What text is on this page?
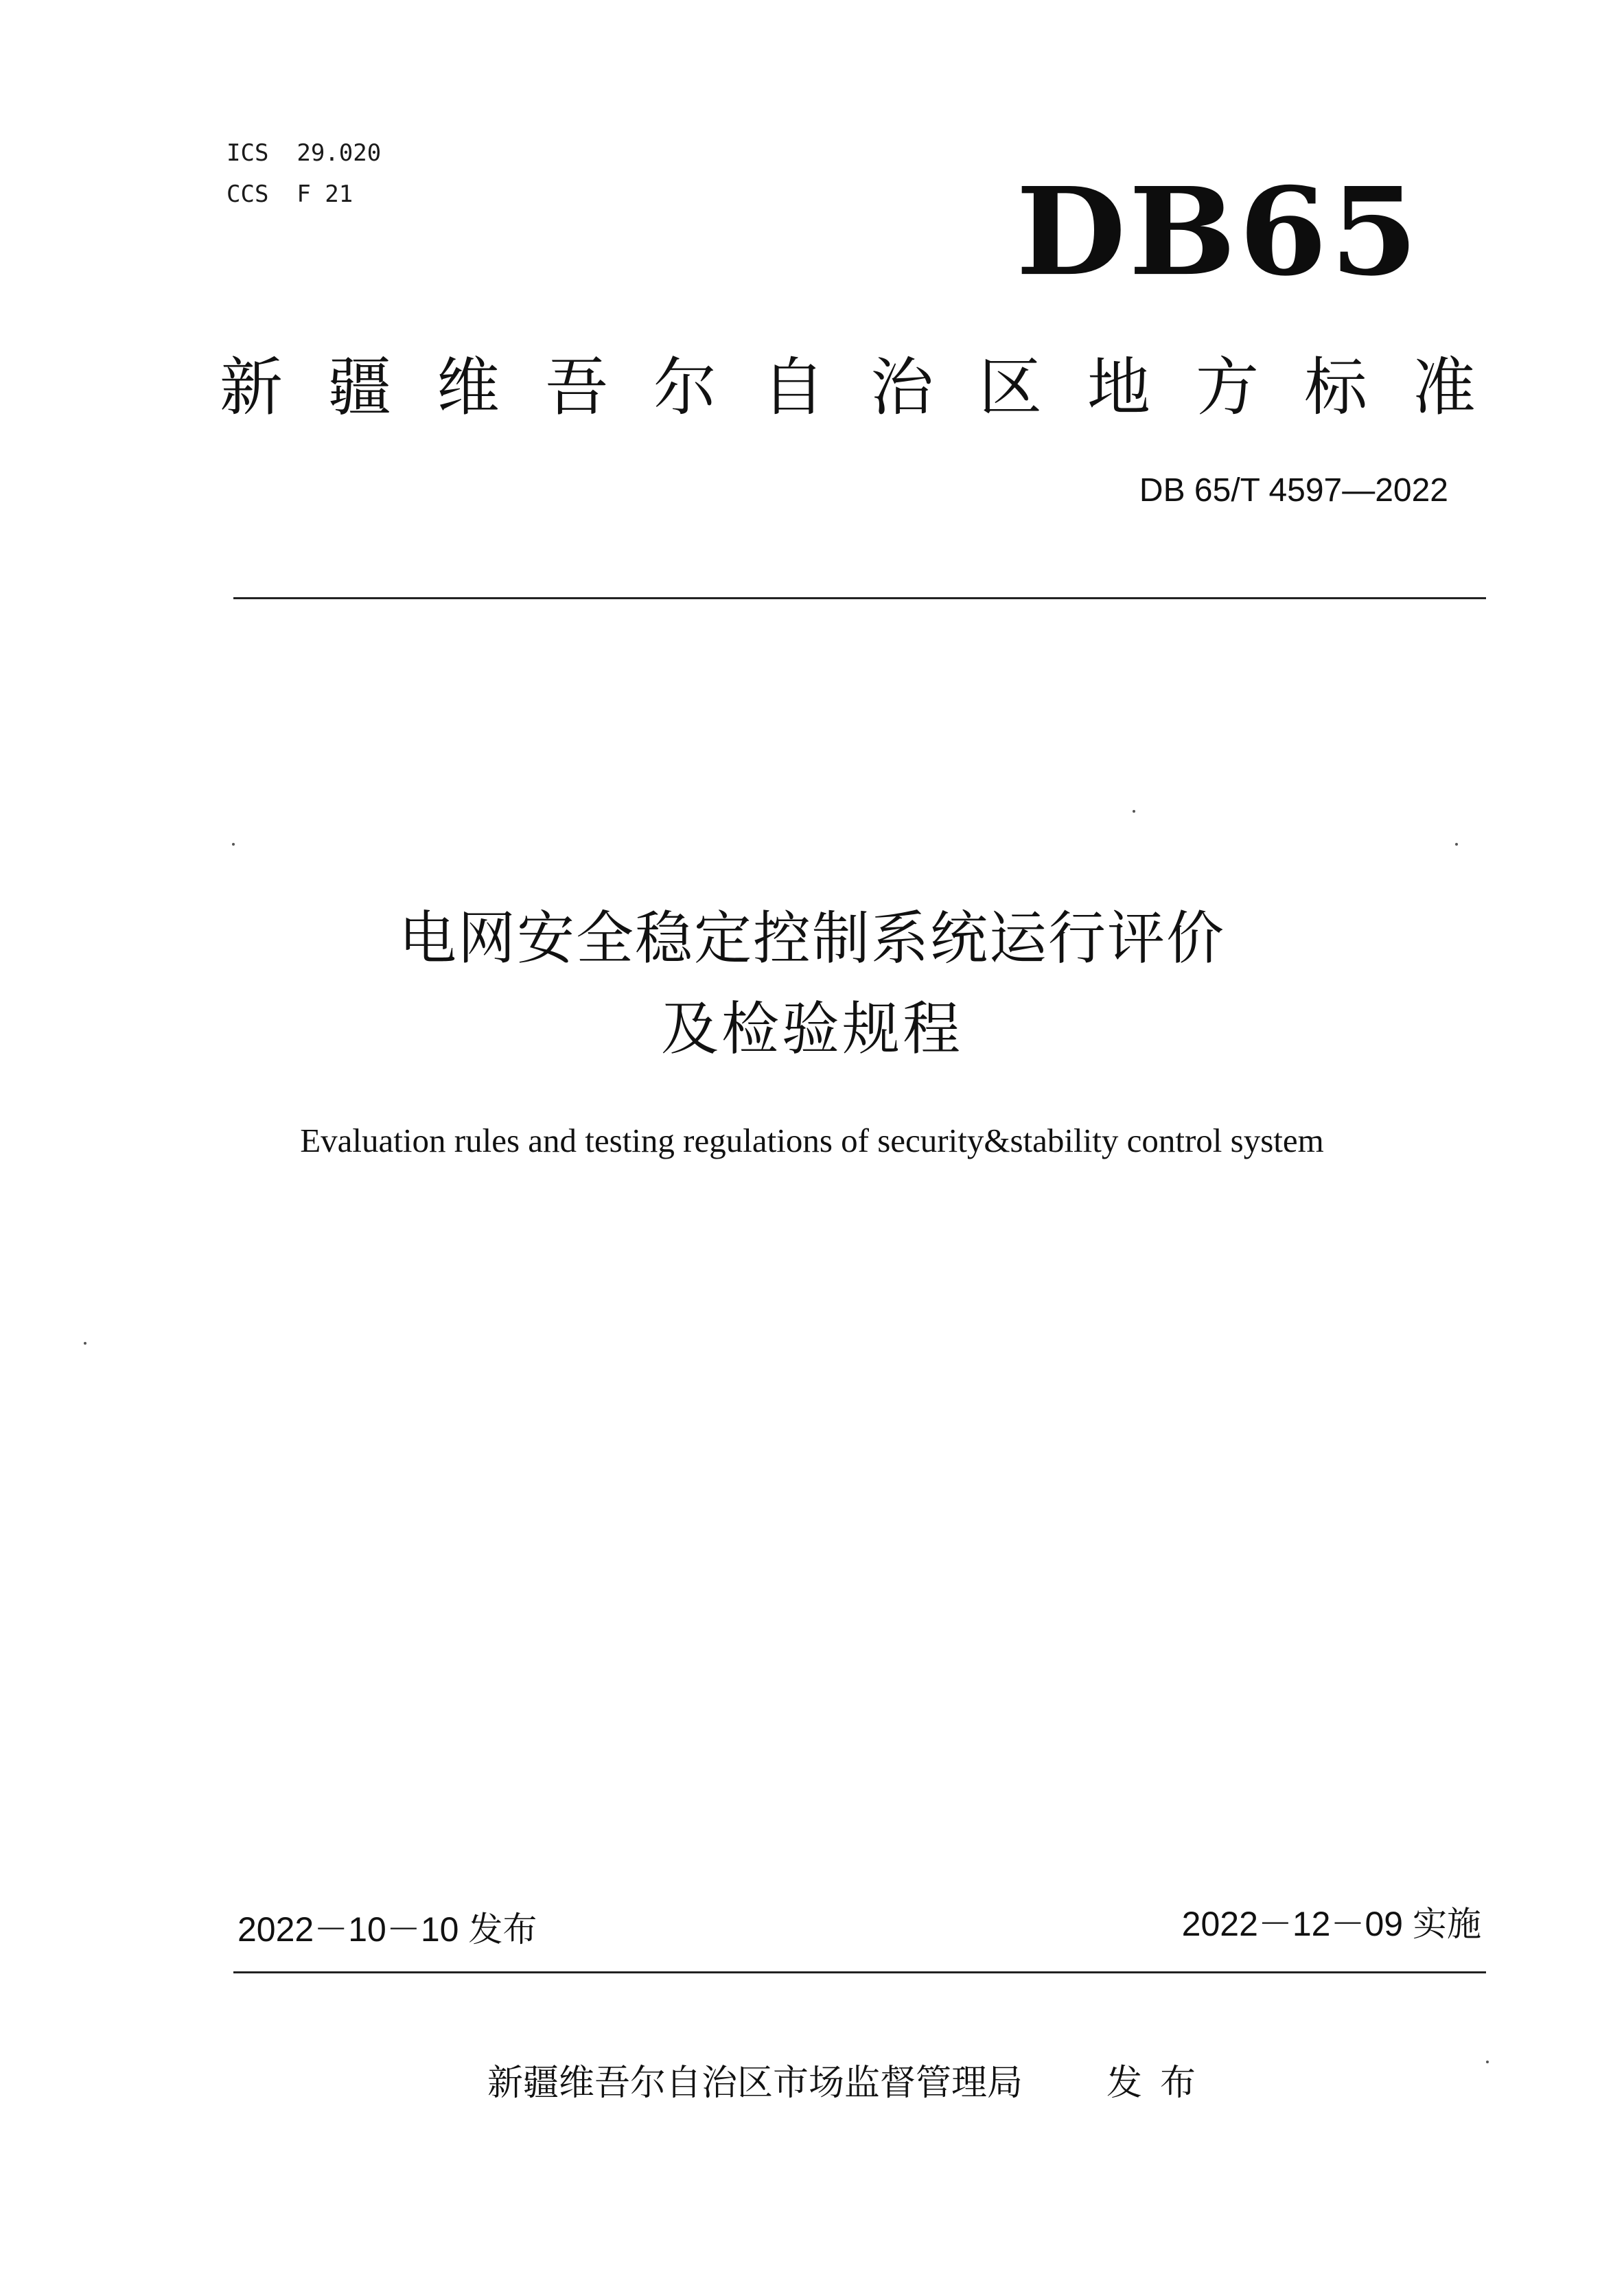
ICS  29.020
CCS  F 21	DB65
新疆维吾尔自治区地方标准
DB 65/T 4597—2022
电网安全稳定控制系统运行评价
及检验规程
Evaluation rules and testing regulations of security&stability control system
2022－10－10 发布	2022－12－09 实施
新疆维吾尔自治区市场监督管理局 发布
